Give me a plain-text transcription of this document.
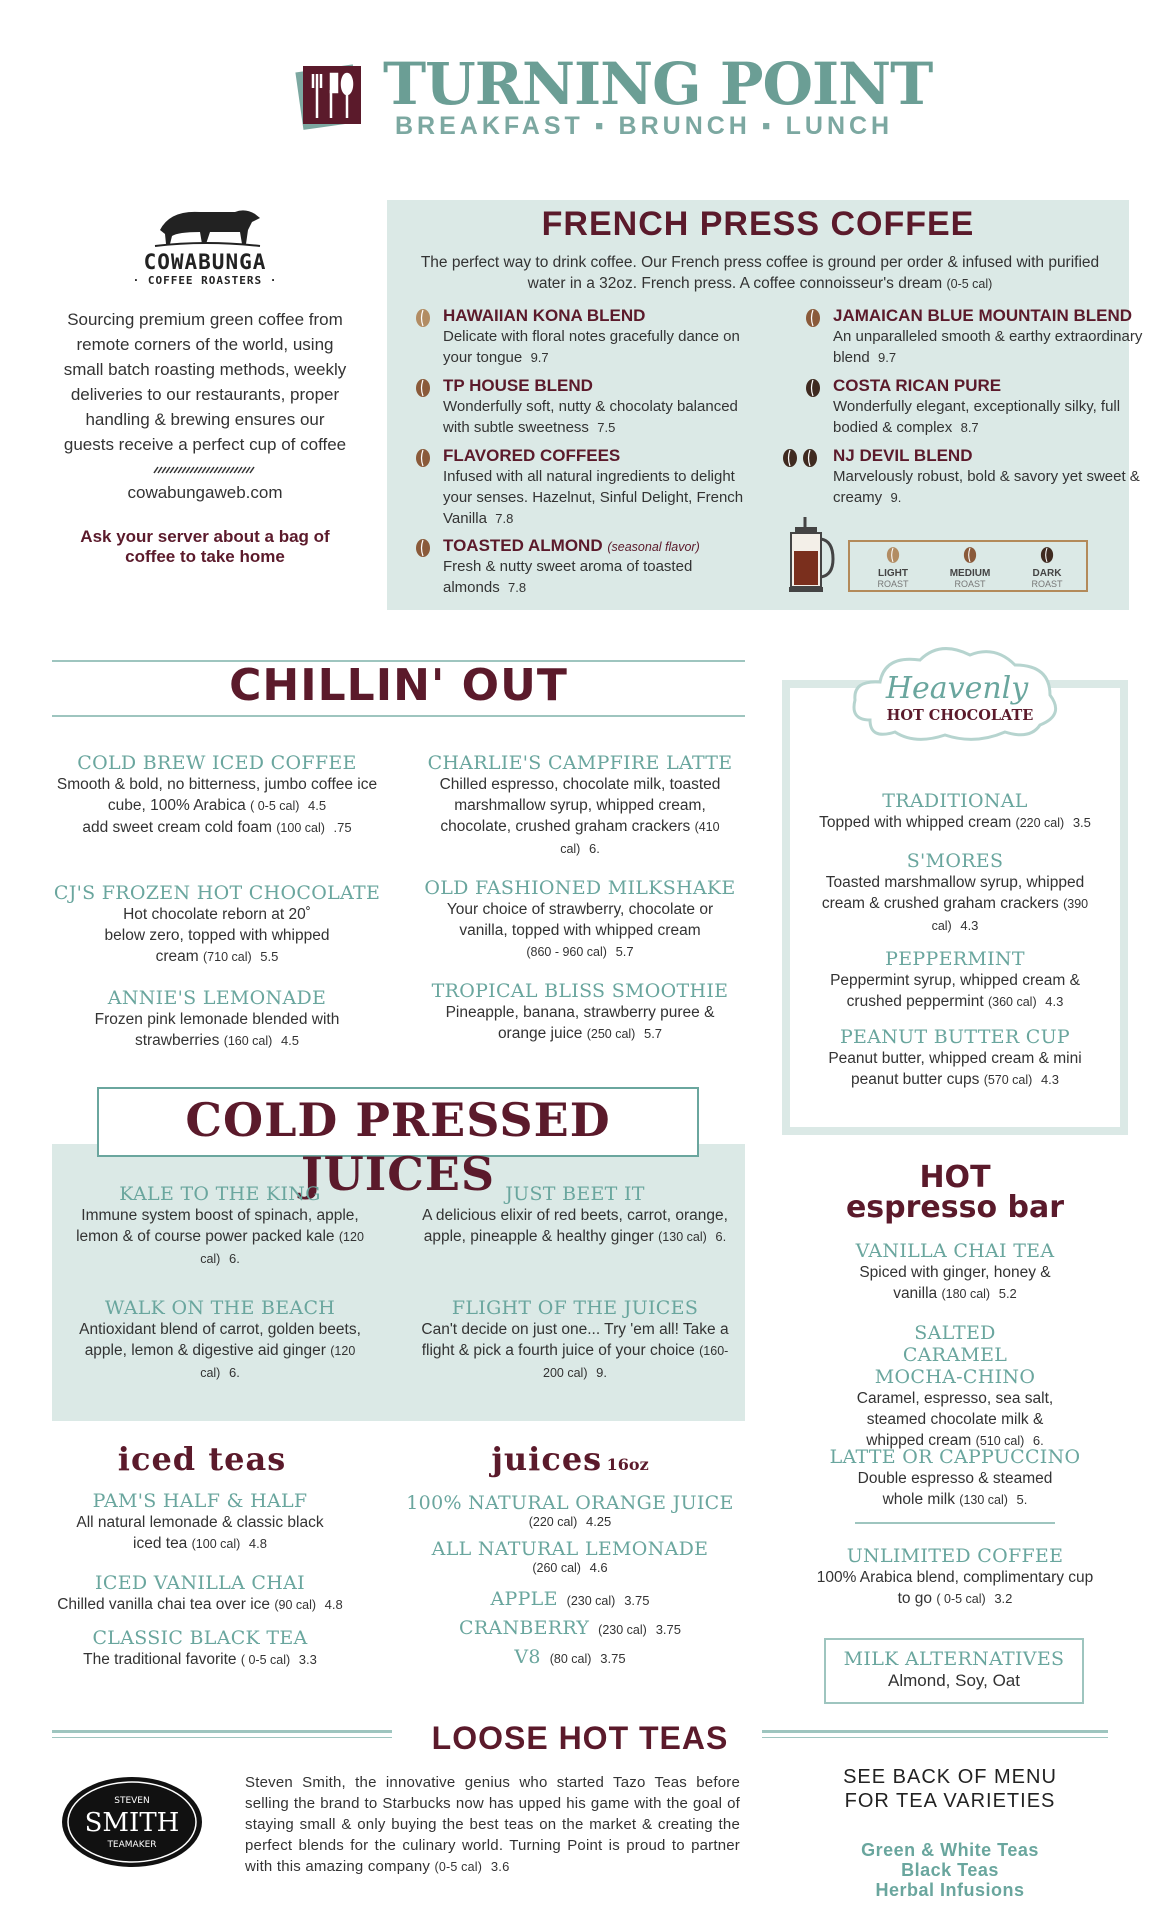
TURNING POINT
BREAKFAST ▪ BRUNCH ▪ LUNCH
COWABUNGA
· COFFEE ROASTERS ·
Sourcing premium green coffee from remote corners of the world, using small batch roasting methods, weekly deliveries to our restaurants, proper handling & brewing ensures our guests receive a perfect cup of coffee
cowabungaweb.com
Ask your server about a bag of coffee to take home
FRENCH PRESS COFFEE
The perfect way to drink coffee. Our French press coffee is ground per order & infused with purified water in a 32oz. French press. A coffee connoisseur's dream (0-5 cal)
HAWAIIAN KONA BLEND
Delicate with floral notes gracefully dance on your tongue 9.7
TP HOUSE BLEND
Wonderfully soft, nutty & chocolaty balanced with subtle sweetness 7.5
FLAVORED COFFEES
Infused with all natural ingredients to delight your senses. Hazelnut, Sinful Delight, French Vanilla 7.8
TOASTED ALMOND (seasonal flavor)
Fresh & nutty sweet aroma of toasted almonds 7.8
JAMAICAN BLUE MOUNTAIN BLEND
An unparalleled smooth & earthy extraordinary blend 9.7
COSTA RICAN PURE
Wonderfully elegant, exceptionally silky, full bodied & complex 8.7
NJ DEVIL BLEND
Marvelously robust, bold & savory yet sweet & creamy 9.
LIGHT
ROAST
MEDIUM
ROAST
DARK
ROAST
CHILLIN' OUT
COLD BREW ICED COFFEE
Smooth & bold, no bitterness, jumbo coffee ice cube, 100% Arabica ( 0-5 cal) 4.5
add sweet cream cold foam (100 cal) .75
CJ'S FROZEN HOT CHOCOLATE
Hot chocolate reborn at 20˚ below zero, topped with whipped cream (710 cal) 5.5
ANNIE'S LEMONADE
Frozen pink lemonade blended with strawberries (160 cal) 4.5
CHARLIE'S CAMPFIRE LATTE
Chilled espresso, chocolate milk, toasted marshmallow syrup, whipped cream, chocolate, crushed graham crackers (410 cal) 6.
OLD FASHIONED MILKSHAKE
Your choice of strawberry, chocolate or vanilla, topped with whipped cream (860 - 960 cal) 5.7
TROPICAL BLISS SMOOTHIE
Pineapple, banana, strawberry puree & orange juice (250 cal) 5.7
Heavenly
HOT CHOCOLATE
TRADITIONAL
Topped with whipped cream (220 cal) 3.5
S'MORES
Toasted marshmallow syrup, whipped cream & crushed graham crackers (390 cal) 4.3
PEPPERMINT
Peppermint syrup, whipped cream & crushed peppermint (360 cal) 4.3
PEANUT BUTTER CUP
Peanut butter, whipped cream & mini peanut butter cups (570 cal) 4.3
COLD PRESSED JUICES
KALE TO THE KING
Immune system boost of spinach, apple, lemon & of course power packed kale (120 cal) 6.
JUST BEET IT
A delicious elixir of red beets, carrot, orange, apple, pineapple & healthy ginger (130 cal) 6.
WALK ON THE BEACH
Antioxidant blend of carrot, golden beets, apple, lemon & digestive aid ginger (120 cal) 6.
FLIGHT OF THE JUICES
Can't decide on just one... Try 'em all! Take a flight & pick a fourth juice of your choice (160-200 cal) 9.
HOT
espresso bar
VANILLA CHAI TEA
Spiced with ginger, honey & vanilla (180 cal) 5.2
SALTED CARAMEL MOCHA-CHINO
Caramel, espresso, sea salt, steamed chocolate milk & whipped cream (510 cal) 6.
LATTE OR CAPPUCCINO
Double espresso & steamed whole milk (130 cal) 5.
UNLIMITED COFFEE
100% Arabica blend, complimentary cup to go ( 0-5 cal) 3.2
MILK ALTERNATIVES
Almond, Soy, Oat
iced teas
PAM'S HALF & HALF
All natural lemonade & classic black iced tea (100 cal) 4.8
ICED VANILLA CHAI
Chilled vanilla chai tea over ice (90 cal) 4.8
CLASSIC BLACK TEA
The traditional favorite ( 0-5 cal) 3.3
juices 16oz
100% NATURAL ORANGE JUICE
(220 cal) 4.25
ALL NATURAL LEMONADE
(260 cal) 4.6
APPLE (230 cal) 3.75
CRANBERRY (230 cal) 3.75
V8 (80 cal) 3.75
LOOSE HOT TEAS
STEVEN
SMITH
TEAMAKER
Steven Smith, the innovative genius who started Tazo Teas before selling the brand to Starbucks now has upped his game with the goal of staying small & only buying the best teas on the market & creating the perfect blends for the culinary world. Turning Point is proud to partner with this amazing company (0-5 cal) 3.6
SEE BACK OF MENU
FOR TEA VARIETIES
Green & White Teas
Black Teas
Herbal Infusions
